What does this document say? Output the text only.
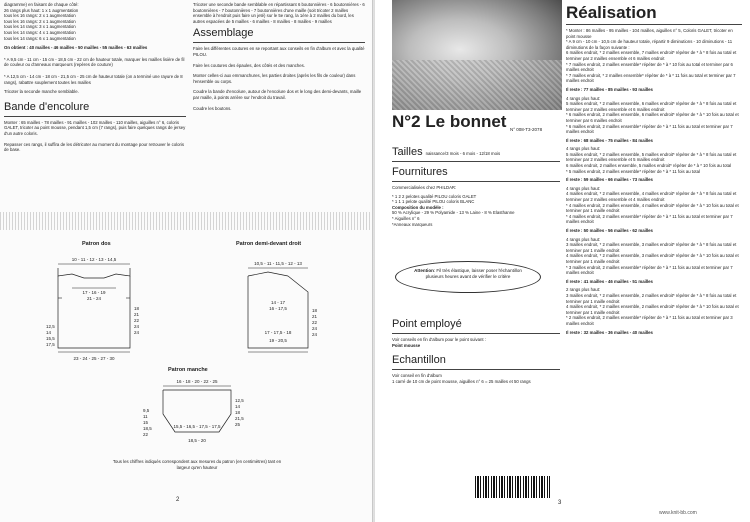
diagramme) en faisant de chaque côté:
26 rangs plus haut: 1 x 1 augmentation
tous les 16 rangs: 2 x 1 augmentation
tous les 16 rangs: 2 x 1 augmentation
tous les 14 rangs: 3 x 1 augmentation
tous les 14 rangs: 4 x 1 augmentation
tous les 14 rangs: 6 x 1 augmentation

On obtient : 40 mailles - 46 mailles - 50 mailles - 55 mailles - 63 mailles

* A 9,5 cm - 11 cm - 15 cm - 18,5 cm - 22 cm de hauteur totale, marquer les mailles lisière de fil de couleur ou d'anneaux marqueurs (repères de couture)

* A 12,5 cm - 14 cm - 18 cm - 21,5 cm - 25 cm de hauteur totale (on a terminé une rayure de 8 rangs), rabattre souplement toutes les mailles

Tricoter la seconde manche semblable.

Bande d'encolure

Monter : 65 mailles - 78 mailles - 91 mailles - 102 mailles - 110 mailles, aiguilles n° 6, coloris GALET, tricoter au point mousse, pendant 1,5 cm (7 rangs), puis faire quelques rangs de jersey d'un autre coloris.

Repasser ces rangs, il suffira de les détricoter au moment du montage pour retrouver le coloris de base.

Tricoter une seconde bande semblable en répartissant 6 boutonnières - 6 boutonnières - 6 boutonnières - 7 boutonnières - 7 boutonnières d'une maille (soit tricoter 2 mailles ensemble à l'endroit puis faire un jeté) sur le 5e rang, la 1ère à 2 mailles du bord, les autres espacées de 5 mailles - 6 mailles - 8 mailles - 8 mailles - 9 mailles

Assemblage

Faire les différentes coutures en se reportant aux conseils en fin d'album et avec la qualité PILOU.

Faire les coutures des épaules, des côtés et des manches.

Monter celles-ci aux emmanchures, les parties droites (après les fils de couleur) dans l'ensemble ou corps.

Coudre la bande d'encolure, autour de l'encolure dos et le long des demi-devants, maille par maille, à points arrière sur l'endroit du travail.

Coudre les boutons.

Patron dos
10 - 11 - 12 - 13 - 14,5
17 - 16 - 19
21 - 24
23 - 24 - 25 - 27 - 30
18
21
22
24
24
12,5
14
15,5
17,5
Patron demi-devant droit
10,5 - 11 - 11,5 - 12 - 13
14 - 17
16 - 17,5
17 - 17,5 - 18
19 - 20,5
18
21
22
24
24
Patron manche
16 - 18 - 20 - 22 - 25
15,5 - 16,5 - 17,5 - 17,5
18,5 - 20
9,5
11
15
18,5
22
12,5
14
18
21,5
25
Tous les chiffres indiqués correspondent aux mesures du patron (en centimètres) tant en largeur qu'en hauteur
2
N°2 Le bonnet N° 008-T3-2078
Tailles naissance/3 mois - 6 mois - 12/18 mois
Fournitures

Commercialisées chez PHILDAR:

* 1 2 2 pelotes qualité PILOU coloris GALET

* 1 1 1 pelote qualité PILOU coloris BLANC

Composition du modèle :

50 % Acrylique - 29 % Polyamide - 13 % Laine - 8 % Elasthanne

* Aiguilles n° 6

*Anneaux marqueurs

Attention: Fil très élastique, laisser poser l'échantillon plusieurs heures avant de vérifier le critère
Point employé

Voir conseils en fin d'album pour le point suivant :

Point mousse

Echantillon

Voir conseil en fin d'album

1 carré de 10 cm de point mousse, aiguilles n° 6 = 25 mailles et 50 rangs

3
Réalisation

* Monter : 86 mailles - 95 mailles - 104 mailles, aiguilles n° 5, Coloris GALET, tricoter en point mousse

* A 9 cm - 10 cm - 10,5 cm de hauteur totale, répartir 9 diminutions - 10 diminutions - 11 diminutions de la façon suivante :

6 mailles endroit, * 2 mailles ensemble, 7 mailles endroit* répéter de * à * 8 fois au total et terminer par 2 mailles ensemble et 6 mailles endroit

* 7 mailles endroit, 2 mailles ensemble* répéter de * à * 10 fois au total et terminer par 6 mailles endroit

* 7 mailles endroit, * 2 mailles ensemble* répéter de * à * 11 fois au total et terminer par 7 mailles endroit

Il reste : 77 mailles - 85 mailles - 93 mailles

4 rangs plus haut:

5 mailles endroit, * 2 mailles ensemble, 6 mailles endroit* répéter de * à * 8 fois au total et terminer par 2 mailles ensemble et 6 mailles endroit

* 6 mailles endroit, 2 mailles ensemble, 6 mailles endroit* répéter de * à * 10 fois au total et terminer par 6 mailles endroit

* 6 mailles endroit, 2 mailles ensemble* répéter de * à * 11 fois au total et terminer par 7 mailles endroit

Il reste : 68 mailles - 75 mailles - 84 mailles

4 rangs plus haut:

5 mailles endroit, * 2 mailles ensemble, 5 mailles endroit* répéter de * à * 8 fois au total et terminer par 2 mailles ensemble et 5 mailles endroit

6 mailles endroit, 2 mailles ensemble, 5 mailles endroit* répéter de * à * 10 fois au total

* 5 mailles endroit, 2 mailles ensemble* répéter de * à * 11 fois au total

Il reste : 59 mailles - 66 mailles - 73 mailles

4 rangs plus haut:

4 mailles endroit, * 2 mailles ensemble, 4 mailles endroit* répéter de * à * 8 fois au total et terminer par 2 mailles ensemble et 4 mailles endroit

* 4 mailles endroit, 2 mailles ensemble, 4 mailles endroit* répéter de * à * 10 fois au total et terminer par 1 maille endroit

* 4 mailles endroit, 2 mailles ensemble* répéter de * à * 11 fois au total et terminer par 7 mailles endroit

Il reste : 50 mailles - 56 mailles - 62 mailles

4 rangs plus haut:

3 mailles endroit, * 2 mailles ensemble, 3 mailles endroit* répéter de * à * 8 fois au total et terminer par 1 maille endroit

4 mailles endroit, * 2 mailles ensemble, 3 mailles endroit* répéter de * à * 10 fois au total et terminer par 1 maille endroit

* 3 mailles endroit, 2 mailles ensemble* répéter de * à * 11 fois au total et terminer par 7 mailles endroit

Il reste : 41 mailles - 46 mailles - 51 mailles

2 rangs plus haut:

3 mailles endroit, * 2 mailles ensemble, 2 mailles endroit* répéter de * à * 8 fois au total et terminer par 1 maille endroit

4 mailles endroit, * 2 mailles ensemble, 2 mailles endroit* répéter de * à * 10 fois au total et terminer par 1 maille endroit

* 2 mailles endroit, 2 mailles ensemble* répéter de * à * 11 fois au total et terminer par 3 mailles endroit

Il reste : 32 mailles - 36 mailles - 40 mailles

www.knit-bb.com
